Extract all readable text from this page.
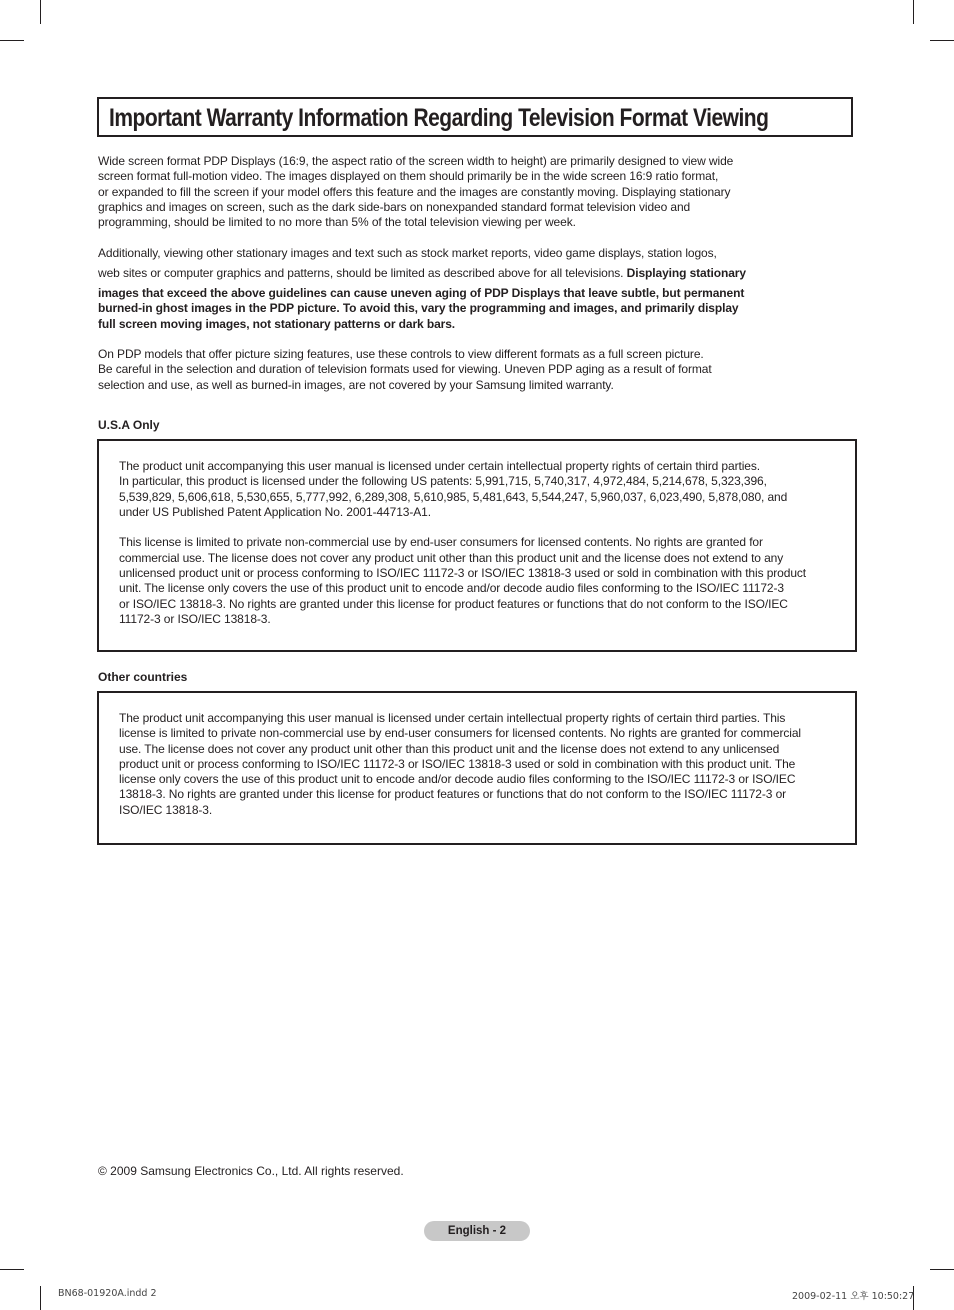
Important Warranty Information Regarding Television Format Viewing
Wide screen format PDP Displays (16:9, the aspect ratio of the screen width to height) are primarily designed to view wide
screen format full-motion video. The images displayed on them should primarily be in the wide screen 16:9 ratio format,
or expanded to fill the screen if your model offers this feature and the images are constantly moving. Displaying stationary
graphics and images on screen, such as the dark side-bars on nonexpanded standard format television video and
programming, should be limited to no more than 5% of the total television viewing per week.
Additionally, viewing other stationary images and text such as stock market reports, video game displays, station logos,
web sites or computer graphics and patterns, should be limited as described above for all televisions. Displaying stationary
images that exceed the above guidelines can cause uneven aging of PDP Displays that leave subtle, but permanent
burned-in ghost images in the PDP picture. To avoid this, vary the programming and images, and primarily display
full screen moving images, not stationary patterns or dark bars.
On PDP models that offer picture sizing features, use these controls to view different formats as a full screen picture.
Be careful in the selection and duration of television formats used for viewing. Uneven PDP aging as a result of format
selection and use, as well as burned-in images, are not covered by your Samsung limited warranty.
U.S.A Only
The product unit accompanying this user manual is licensed under certain intellectual property rights of certain third parties.
In particular, this product is licensed under the following US patents: 5,991,715, 5,740,317, 4,972,484, 5,214,678, 5,323,396,
5,539,829, 5,606,618, 5,530,655, 5,777,992, 6,289,308, 5,610,985, 5,481,643, 5,544,247, 5,960,037, 6,023,490, 5,878,080, and
under US Published Patent Application No. 2001-44713-A1.
This license is limited to private non-commercial use by end-user consumers for licensed contents. No rights are granted for
commercial use. The license does not cover any product unit other than this product unit and the license does not extend to any
unlicensed product unit or process conforming to ISO/IEC 11172-3 or ISO/IEC 13818-3 used or sold in combination with this product
unit. The license only covers the use of this product unit to encode and/or decode audio files conforming to the ISO/IEC 11172-3
or ISO/IEC 13818-3. No rights are granted under this license for product features or functions that do not conform to the ISO/IEC
11172-3 or ISO/IEC 13818-3.
Other countries
The product unit accompanying this user manual is licensed under certain intellectual property rights of certain third parties. This
license is limited to private non-commercial use by end-user consumers for licensed contents. No rights are granted for commercial
use. The license does not cover any product unit other than this product unit and the license does not extend to any unlicensed
product unit or process conforming to ISO/IEC 11172-3 or ISO/IEC 13818-3 used or sold in combination with this product unit. The
license only covers the use of this product unit to encode and/or decode audio files conforming to the ISO/IEC 11172-3 or ISO/IEC
13818-3. No rights are granted under this license for product features or functions that do not conform to the ISO/IEC 11172-3 or
ISO/IEC 13818-3.
© 2009 Samsung Electronics Co., Ltd. All rights reserved.
English - 2
BN68-01920A.indd 2	2009-02-11 오후 10:50:27
